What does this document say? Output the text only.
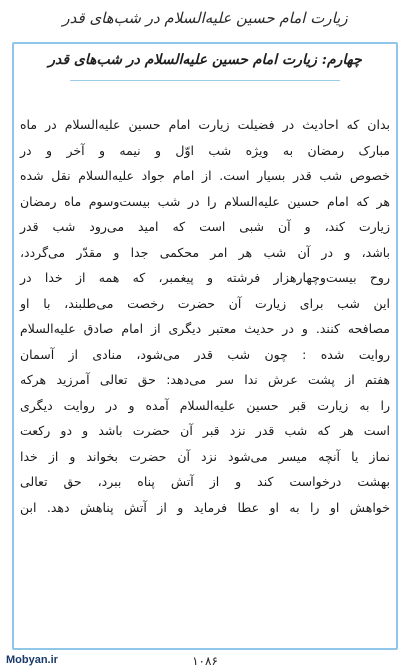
زیارت امام حسین علیه‌السلام در شب‌های قدر
چهارم: زیارت امام حسین علیه‌السلام در شب‌های قدر
بدان که احادیث در فضیلت زیارت امام حسین علیه‌السلام در ماه
مبارک رمضان به ویژه شب اوّل و نیمه و آخر و در
خصوص شب قدر بسیار است. از امام جواد علیه‌السلام نقل شده
هر که امام حسین علیه‌السلام را در شب بیست‌وسوم ماه رمضان
زیارت کند، و آن شبی است که امید می‌رود شب قدر
باشد، و در آن شب هر امر محکمی جدا و مقدّر می‌گردد،
روح بیست‌وچهارهزار فرشته و پیغمبر، که همه از خدا در
این شب برای زیارت آن حضرت رخصت می‌طلبند، با او
مصافحه کنند. و در حدیث معتبر دیگری از امام صادق علیه‌السلام
روایت شده : چون شب قدر می‌شود، منادی از آسمان
هفتم از پشت عرش ندا سر می‌دهد: حق تعالی آمرزید هرکه
را به زیارت قبر حسین علیه‌السلام آمده و در روایت دیگری
است هر که شب قدر نزد قبر آن حضرت باشد و دو رکعت
نماز یا آنچه میسر می‌شود نزد آن حضرت بخواند و از خدا
بهشت درخواست کند و از آتش پناه ببرد، حق تعالی
خواهش او را به او عطا فرماید و از آتش پناهش دهد. ابن
Mobyan.ir	۱۰۸۶
